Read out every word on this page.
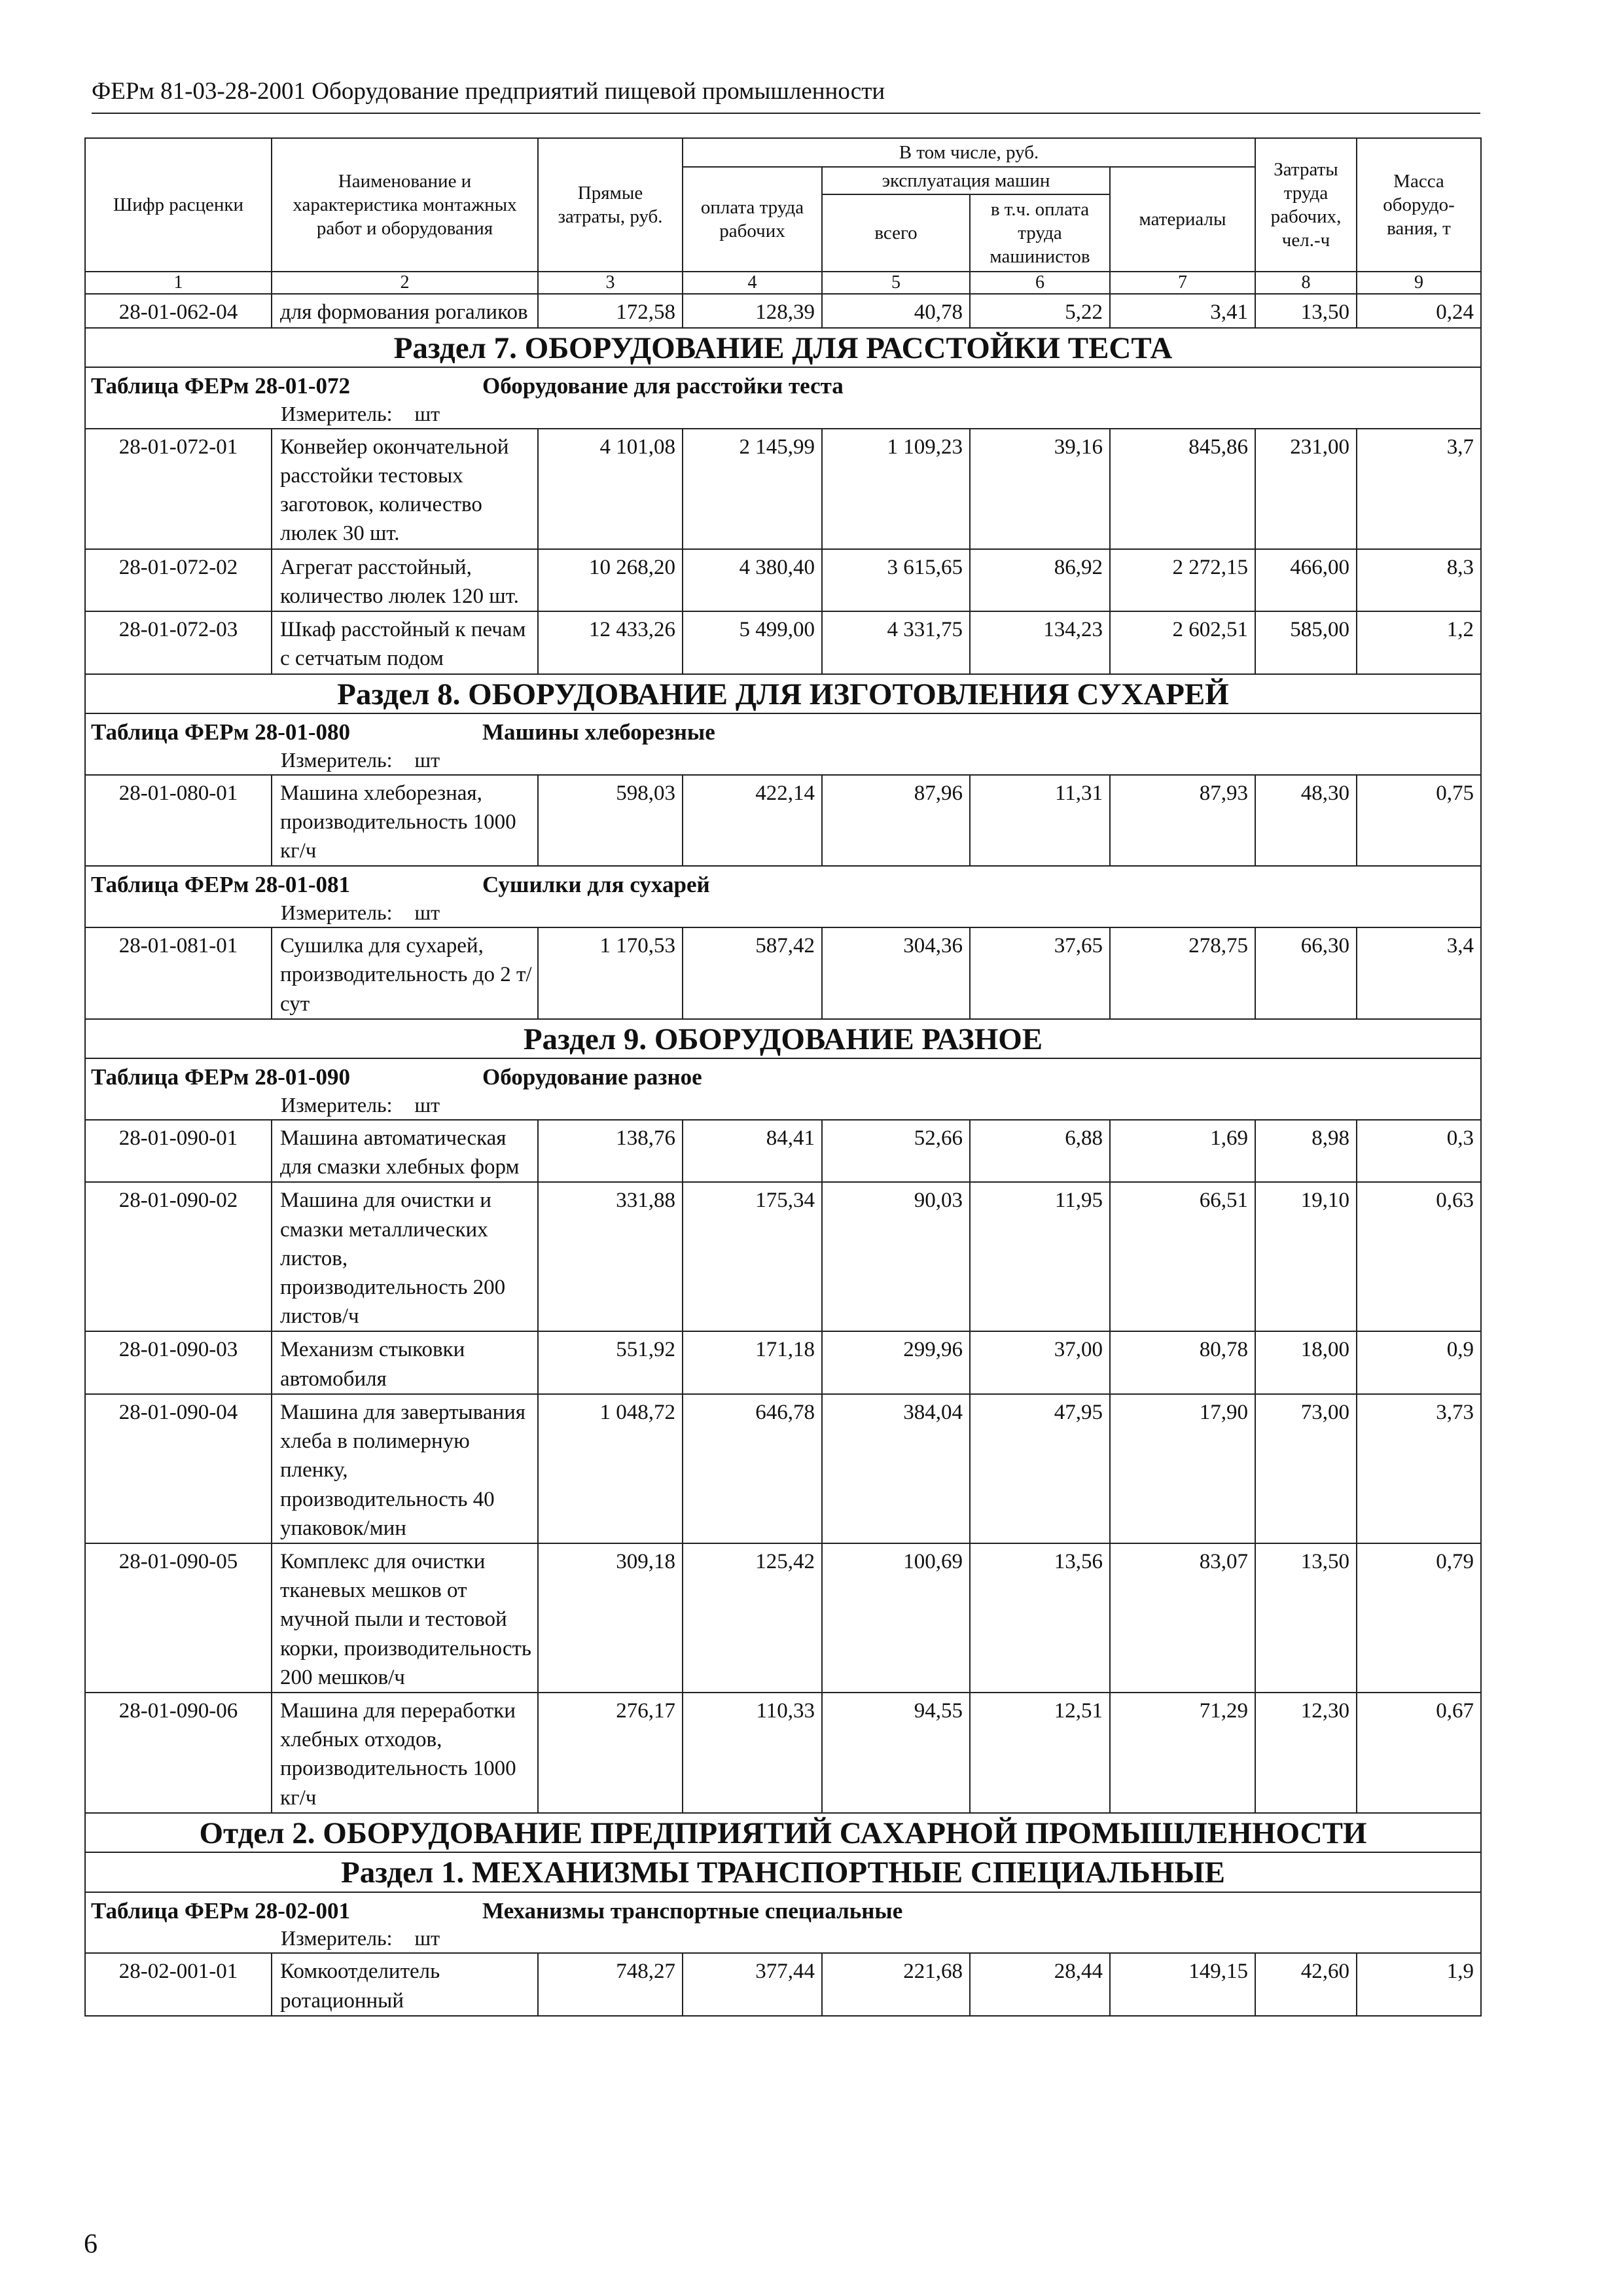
ФЕРм 81-03-28-2001 Оборудование предприятий пищевой промышленности
Шифр расценки	Наименование и характеристика монтажных работ и оборудования	Прямые затраты, руб.	В том числе, руб.				Затраты труда рабочих, чел.-ч	Масса оборудо-вания, т
			оплата труда рабочих	эксплуатация машин		материалы		
				всего	в т.ч. оплата труда машинистов			
1	2	3	4	5	6	7	8	9
28-01-062-04	для формования рогаликов	172,58	128,39	40,78	5,22	3,41	13,50	0,24
Раздел 7. ОБОРУДОВАНИЕ ДЛЯ РАССТОЙКИ ТЕСТА								
Таблица ФЕРм 28-01-072 Оборудование для расстойки теста								
Измеритель: шт								
28-01-072-01	Конвейер окончательной расстойки тестовых заготовок, количество люлек 30 шт.	4 101,08	2 145,99	1 109,23	39,16	845,86	231,00	3,7
28-01-072-02	Агрегат расстойный, количество люлек 120 шт.	10 268,20	4 380,40	3 615,65	86,92	2 272,15	466,00	8,3
28-01-072-03	Шкаф расстойный к печам с сетчатым подом	12 433,26	5 499,00	4 331,75	134,23	2 602,51	585,00	1,2
Раздел 8. ОБОРУДОВАНИЕ ДЛЯ ИЗГОТОВЛЕНИЯ СУХАРЕЙ								
Таблица ФЕРм 28-01-080 Машины хлеборезные								
Измеритель: шт								
28-01-080-01	Машина хлеборезная, производительность 1000 кг/ч	598,03	422,14	87,96	11,31	87,93	48,30	0,75
Таблица ФЕРм 28-01-081 Сушилки для сухарей								
Измеритель: шт								
28-01-081-01	Сушилка для сухарей, производительность до 2 т/сут	1 170,53	587,42	304,36	37,65	278,75	66,30	3,4
Раздел 9. ОБОРУДОВАНИЕ РАЗНОЕ								
Таблица ФЕРм 28-01-090 Оборудование разное								
Измеритель: шт								
28-01-090-01	Машина автоматическая для смазки хлебных форм	138,76	84,41	52,66	6,88	1,69	8,98	0,3
28-01-090-02	Машина для очистки и смазки металлических листов, производительность 200 листов/ч	331,88	175,34	90,03	11,95	66,51	19,10	0,63
28-01-090-03	Механизм стыковки автомобиля	551,92	171,18	299,96	37,00	80,78	18,00	0,9
28-01-090-04	Машина для завертывания хлеба в полимерную пленку, производительность 40 упаковок/мин	1 048,72	646,78	384,04	47,95	17,90	73,00	3,73
28-01-090-05	Комплекс для очистки тканевых мешков от мучной пыли и тестовой корки, производительность 200 мешков/ч	309,18	125,42	100,69	13,56	83,07	13,50	0,79
28-01-090-06	Машина для переработки хлебных отходов, производительность 1000 кг/ч	276,17	110,33	94,55	12,51	71,29	12,30	0,67
Отдел 2. ОБОРУДОВАНИЕ ПРЕДПРИЯТИЙ САХАРНОЙ ПРОМЫШЛЕННОСТИ								
Раздел 1. МЕХАНИЗМЫ ТРАНСПОРТНЫЕ СПЕЦИАЛЬНЫЕ								
Таблица ФЕРм 28-02-001 Механизмы транспортные специальные								
Измеритель: шт								
28-02-001-01	Комкоотделитель ротационный	748,27	377,44	221,68	28,44	149,15	42,60	1,9
6
